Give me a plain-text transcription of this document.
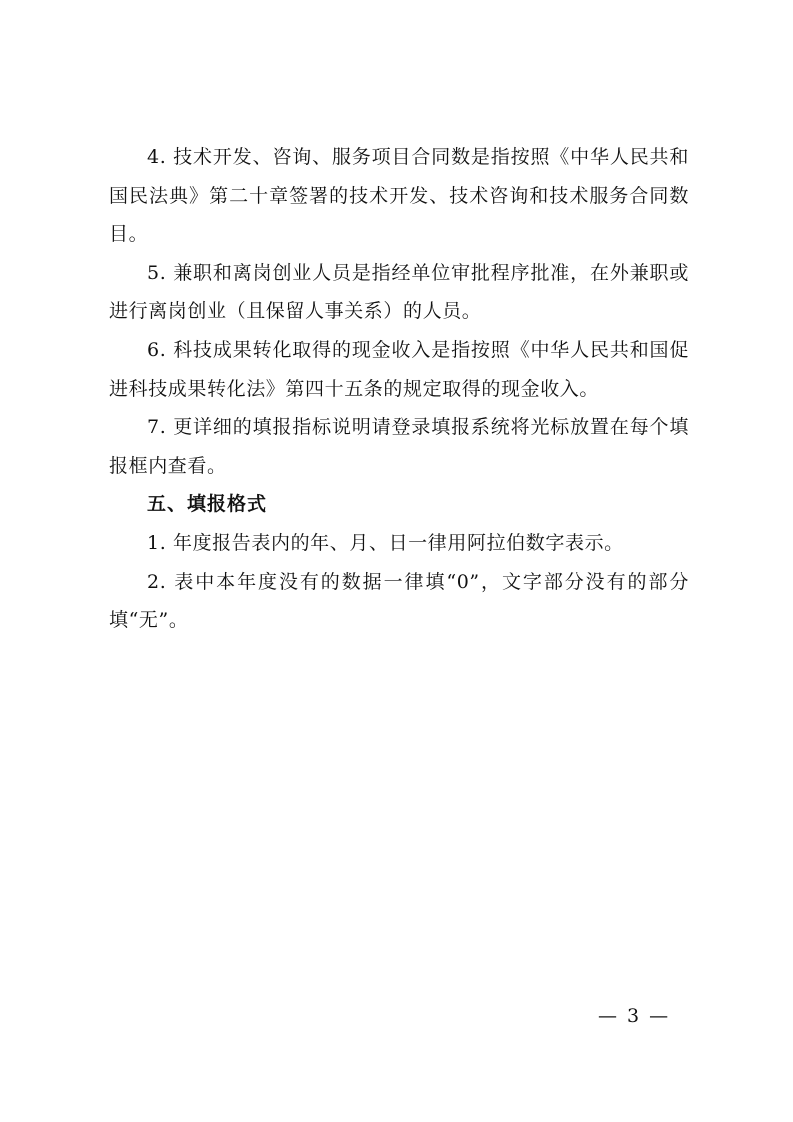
4. 技术开发、咨询、服务项目合同数是指按照《中华人民共和国民法典》第二十章签署的技术开发、技术咨询和技术服务合同数目。

5. 兼职和离岗创业人员是指经单位审批程序批准，在外兼职或进行离岗创业（且保留人事关系）的人员。

6. 科技成果转化取得的现金收入是指按照《中华人民共和国促进科技成果转化法》第四十五条的规定取得的现金收入。

7. 更详细的填报指标说明请登录填报系统将光标放置在每个填报框内查看。

五、填报格式

1. 年度报告表内的年、月、日一律用阿拉伯数字表示。

2. 表中本年度没有的数据一律填“0”，文字部分没有的部分填“无”。

— 3 —
